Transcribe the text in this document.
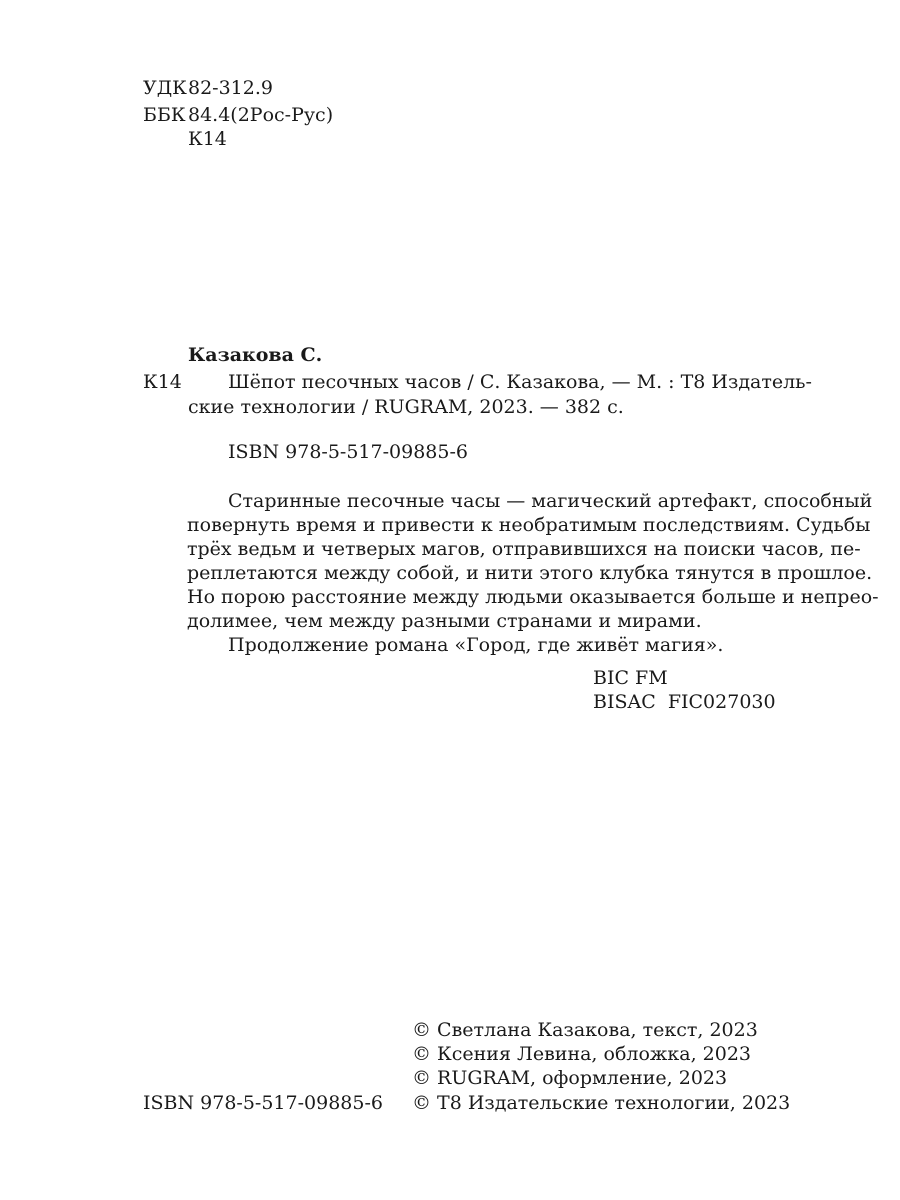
УДК82-312.9
ББК 84.4(2Рос-Рус)
К14
Казакова С.
К14 Шёпот песочных часов / С. Казакова, — М. : Т8 Издатель-
ские технологии / RUGRAM, 2023. — 382 с.
ISBN 978-5-517-09885-6
Старинные песочные часы — магический артефакт, способный
повернуть время и привести к необратимым последствиям. Судьбы
трёх ведьм и четверых магов, отправившихся на поиски часов, пе-
реплетаются между собой, и нити этого клубка тянутся в прошлое.
Но порою расстояние между людьми оказывается больше и непрео-
долимее, чем между разными странами и мирами.
Продолжение романа «Город, где живёт магия».
BIC FM
BISAC  FIC027030
© Светлана Казакова, текст, 2023
© Ксения Левина, обложка, 2023
© RUGRAM, оформление, 2023
ISBN 978-5-517-09885-6 © Т8 Издательские технологии, 2023
